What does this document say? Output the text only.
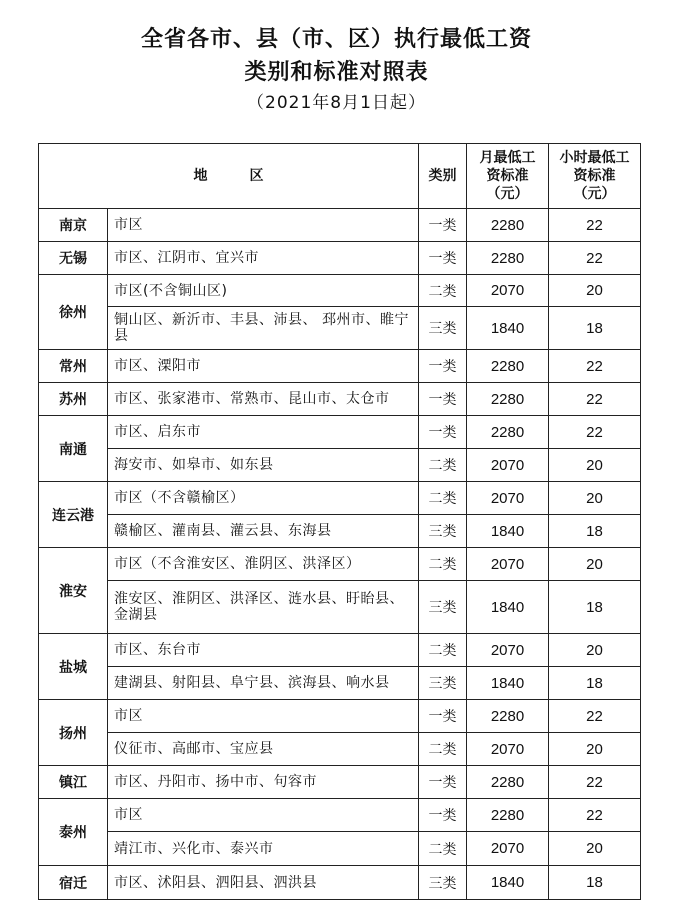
全省各市、县（市、区）执行最低工资
类别和标准对照表
（2021年8月1日起）
地　　　区		类别	月最低工资标准（元）	小时最低工资标准（元）
南京	市区	一类	2280	22
无锡	市区、江阴市、宜兴市	一类	2280	22
徐州	市区(不含铜山区)	二类	2070	20
	铜山区、新沂市、丰县、沛县、 邳州市、睢宁县	三类	1840	18
常州	市区、溧阳市	一类	2280	22
苏州	市区、张家港市、常熟市、昆山市、太仓市	一类	2280	22
南通	市区、启东市	一类	2280	22
	海安市、如皋市、如东县	二类	2070	20
连云港	市区（不含赣榆区）	二类	2070	20
	赣榆区、灌南县、灌云县、东海县	三类	1840	18
淮安	市区（不含淮安区、淮阴区、洪泽区）	二类	2070	20
	淮安区、淮阴区、洪泽区、涟水县、盱眙县、金湖县	三类	1840	18
盐城	市区、东台市	二类	2070	20
	建湖县、射阳县、阜宁县、滨海县、响水县	三类	1840	18
扬州	市区	一类	2280	22
	仪征市、高邮市、宝应县	二类	2070	20
镇江	市区、丹阳市、扬中市、句容市	一类	2280	22
泰州	市区	一类	2280	22
	靖江市、兴化市、泰兴市	二类	2070	20
宿迁	市区、沭阳县、泗阳县、泗洪县	三类	1840	18
